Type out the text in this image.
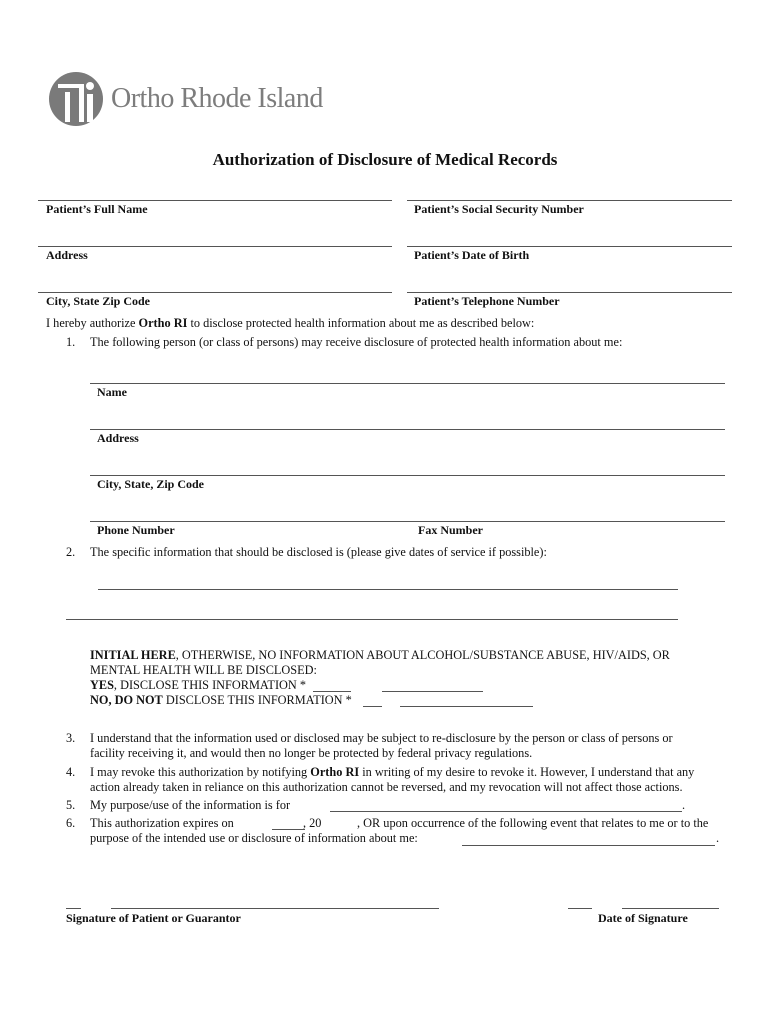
Ortho Rhode Island
Authorization of Disclosure of Medical Records
Patient’s Full Name	Patient’s Social Security Number
Address	Patient’s Date of Birth
City, State Zip Code	Patient’s Telephone Number
I hereby authorize Ortho RI to disclose protected health information about me as described below:
1. The following person (or class of persons) may receive disclosure of protected health information about me:
Name
Address
City, State, Zip Code
Phone Number	Fax Number
2. The specific information that should be disclosed is (please give dates of service if possible):
INITIAL HERE, OTHERWISE, NO INFORMATION ABOUT ALCOHOL/SUBSTANCE ABUSE, HIV/AIDS, OR
MENTAL HEALTH WILL BE DISCLOSED:
YES, DISCLOSE THIS INFORMATION *
NO, DO NOT DISCLOSE THIS INFORMATION *
3. I understand that the information used or disclosed may be subject to re-disclosure by the person or class of persons or
facility receiving it, and would then no longer be protected by federal privacy regulations.
4. I may revoke this authorization by notifying Ortho RI in writing of my desire to revoke it. However, I understand that any
action already taken in reliance on this authorization cannot be reversed, and my revocation will not affect those actions.
5. My purpose/use of the information is for	.
6. This authorization expires on	, 20	, OR upon occurrence of the following event that relates to me or to the
purpose of the intended use or disclosure of information about me:	.
Signature of Patient or Guarantor	Date of Signature
